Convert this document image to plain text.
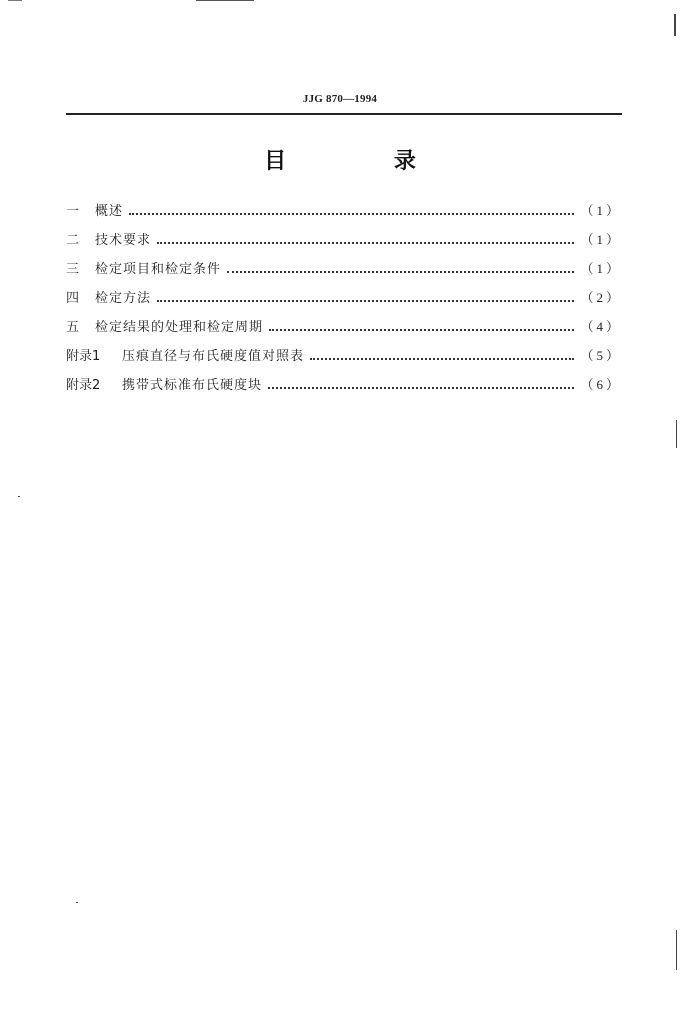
JJG 870—1994
目 录
一	概述	（1）
二	技术要求	（1）
三	检定项目和检定条件	（1）
四	检定方法	（2）
五	检定结果的处理和检定周期	（4）
附录1	压痕直径与布氏硬度值对照表	（5）
附录2	携带式标准布氏硬度块	（6）
